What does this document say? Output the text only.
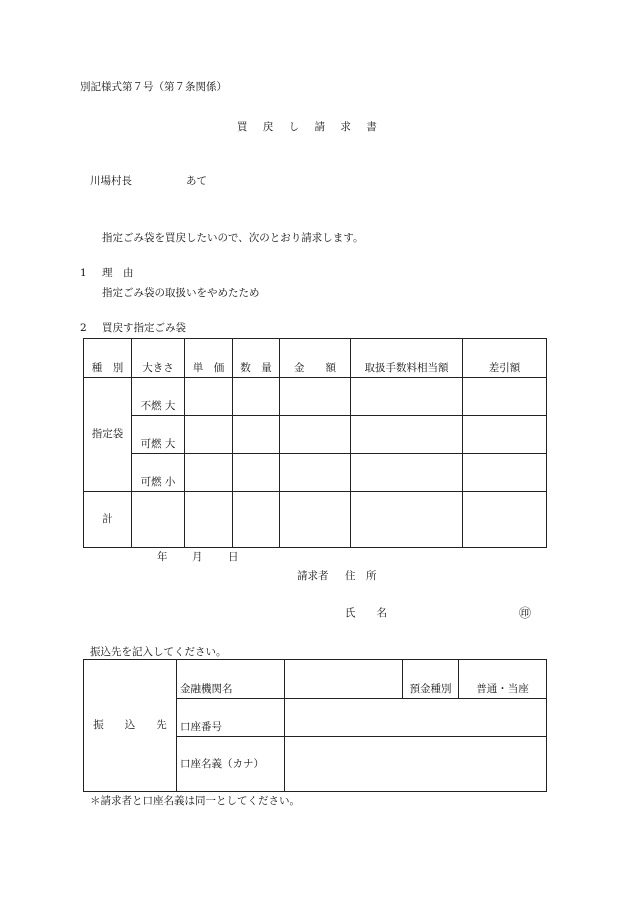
別記様式第７号（第７条関係）
買 戻 し 請 求 書
川場村長	あて
指定ごみ袋を買戻したいので、次のとおり請求します。
1 理　由
指定ごみ袋の取扱いをやめたため
2 買戻す指定ごみ袋
種　別	大きさ	単　価	数　量	金　　額	取扱手数料相当額	差引額
指定袋	不燃 大					
	可燃 大					
	可燃 小					
計						
年 月 日
請求者 住　所
氏　　名	㊞
振込先を記入してください。
振　　込　　先	金融機関名		預金種別	普通・当座
	口座番号			
	口座名義（カナ）			
＊請求者と口座名義は同一としてください。
